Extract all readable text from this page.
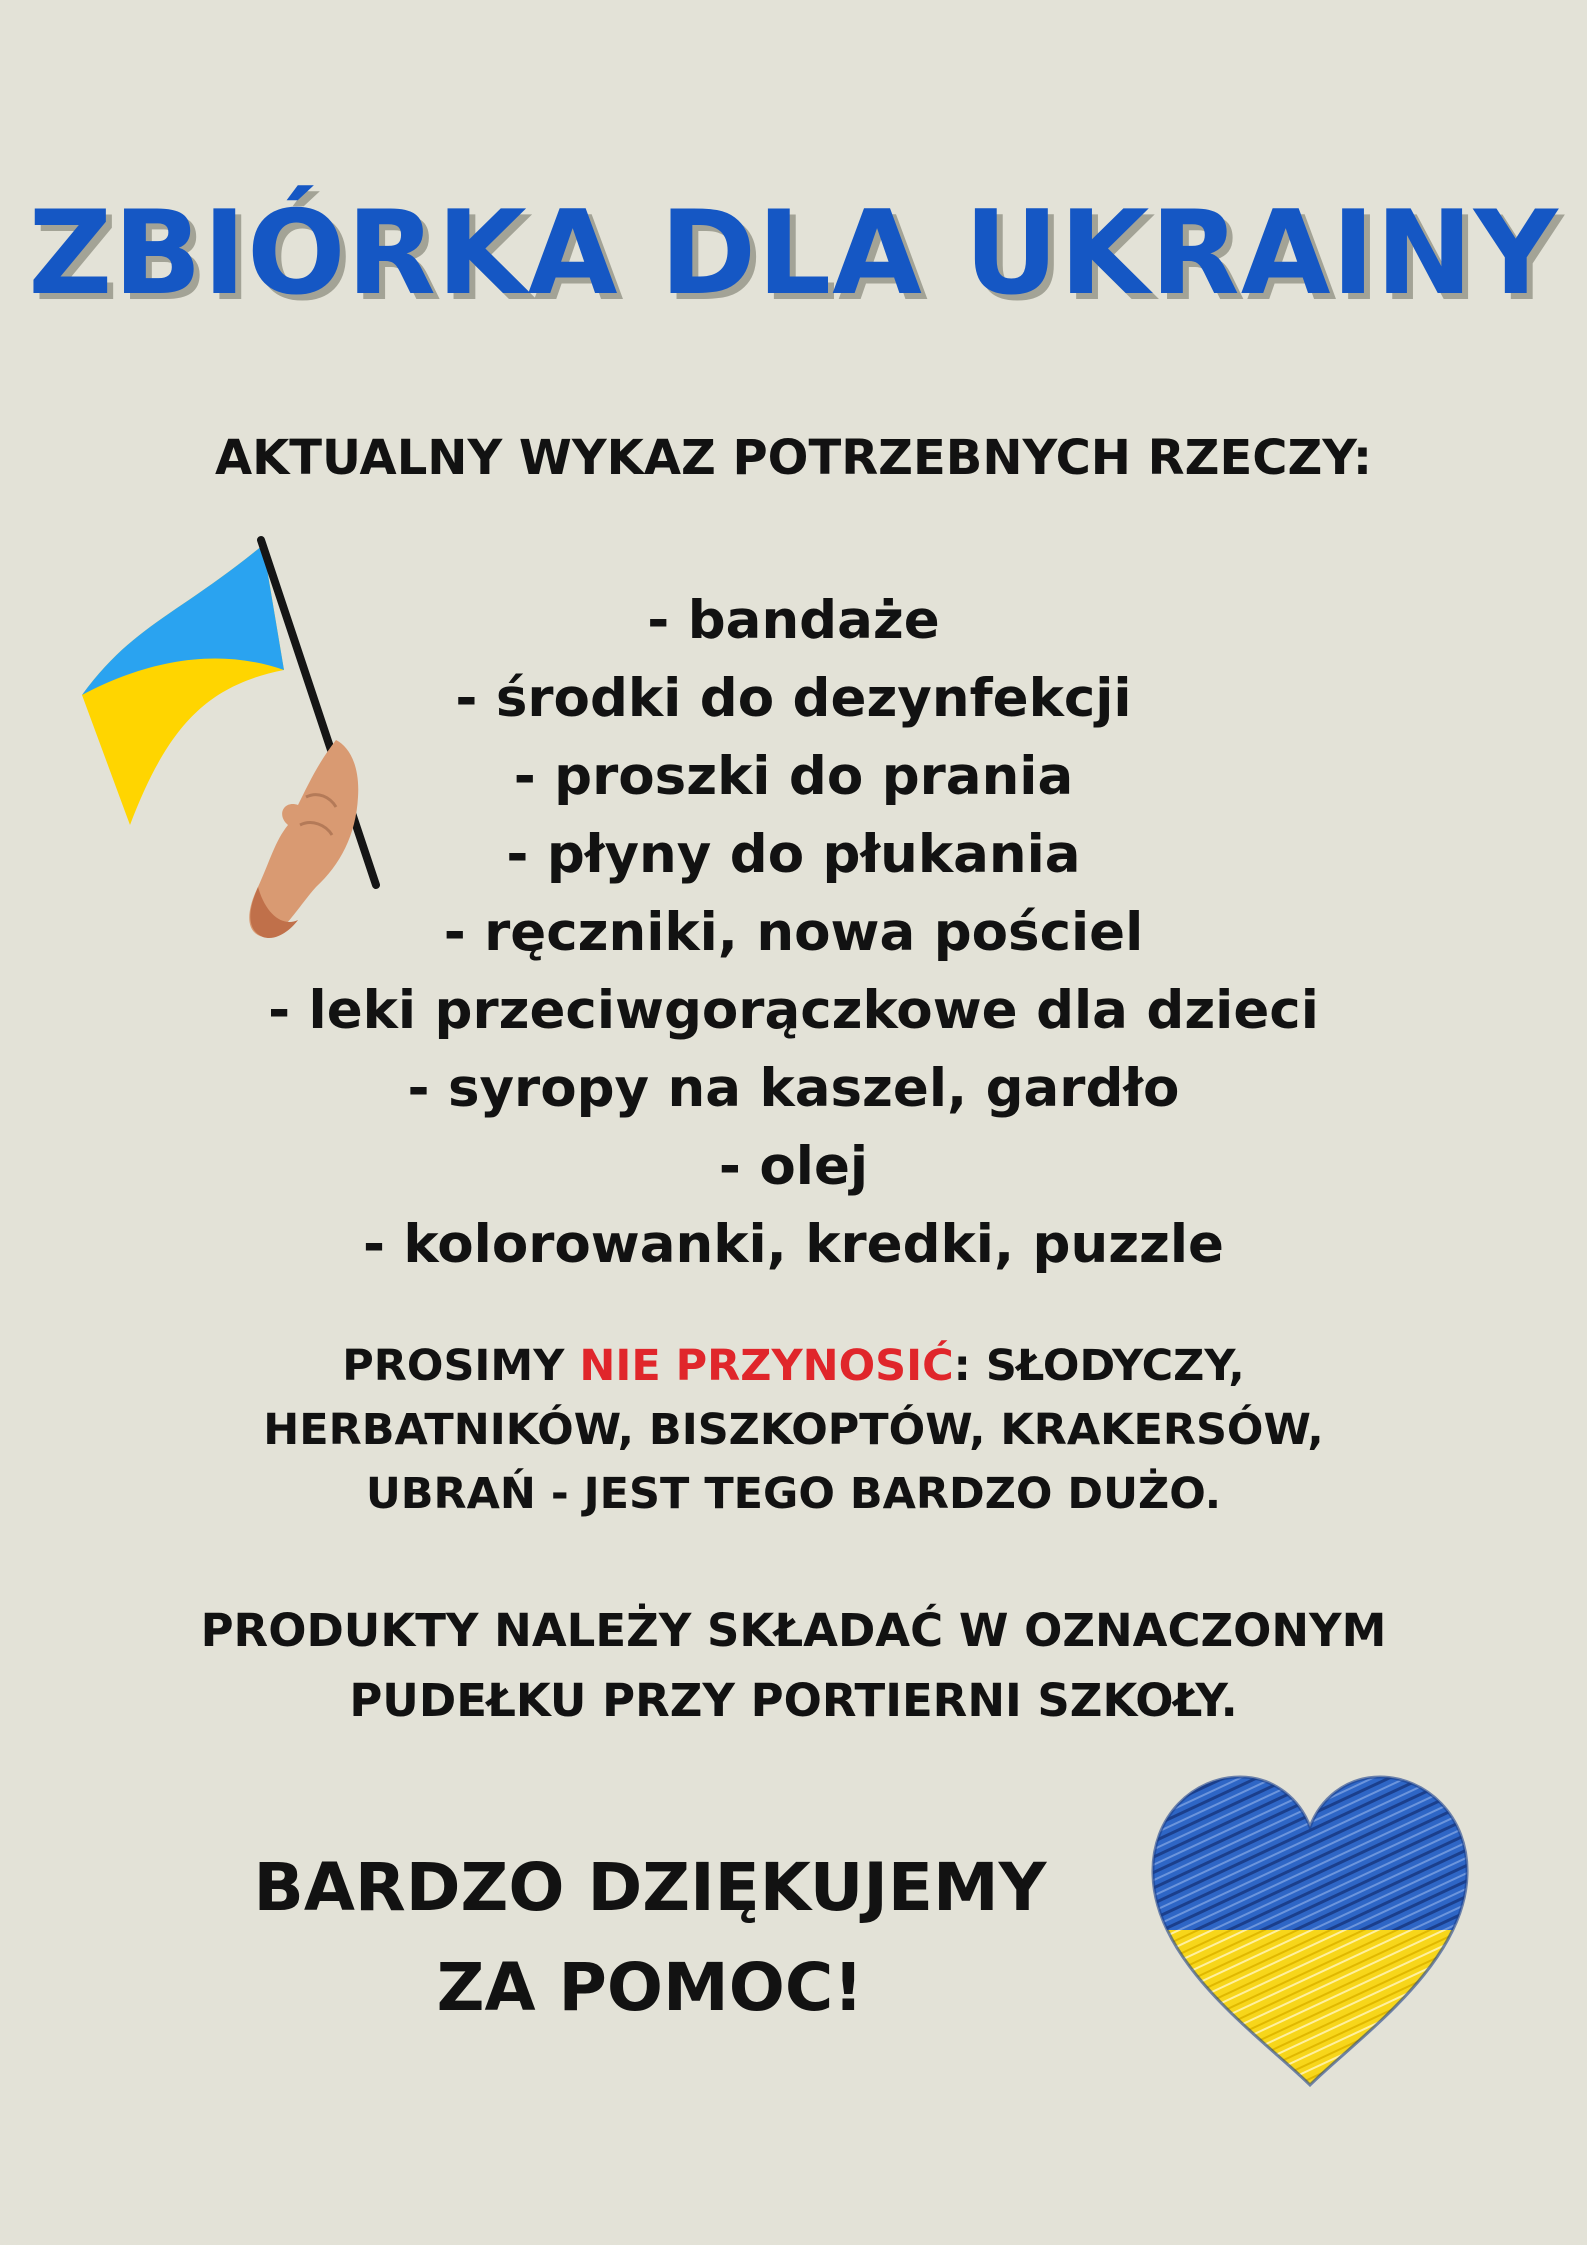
ZBIÓRKA DLA UKRAINY
AKTUALNY WYKAZ POTRZEBNYCH RZECZY:
- bandaże
- środki do dezynfekcji
- proszki do prania
- płyny do płukania
- ręczniki, nowa pościel
- leki przeciwgorączkowe dla dzieci
- syropy na kaszel, gardło
- olej
- kolorowanki, kredki, puzzle
PROSIMY NIE PRZYNOSIĆ: SŁODYCZY,
HERBATNIKÓW, BISZKOPTÓW, KRAKERSÓW,
UBRAŃ - JEST TEGO BARDZO DUŻO.
PRODUKTY NALEŻY SKŁADAĆ W OZNACZONYM
PUDEŁKU PRZY PORTIERNI SZKOŁY.
BARDZO DZIĘKUJEMY
ZA POMOC!
